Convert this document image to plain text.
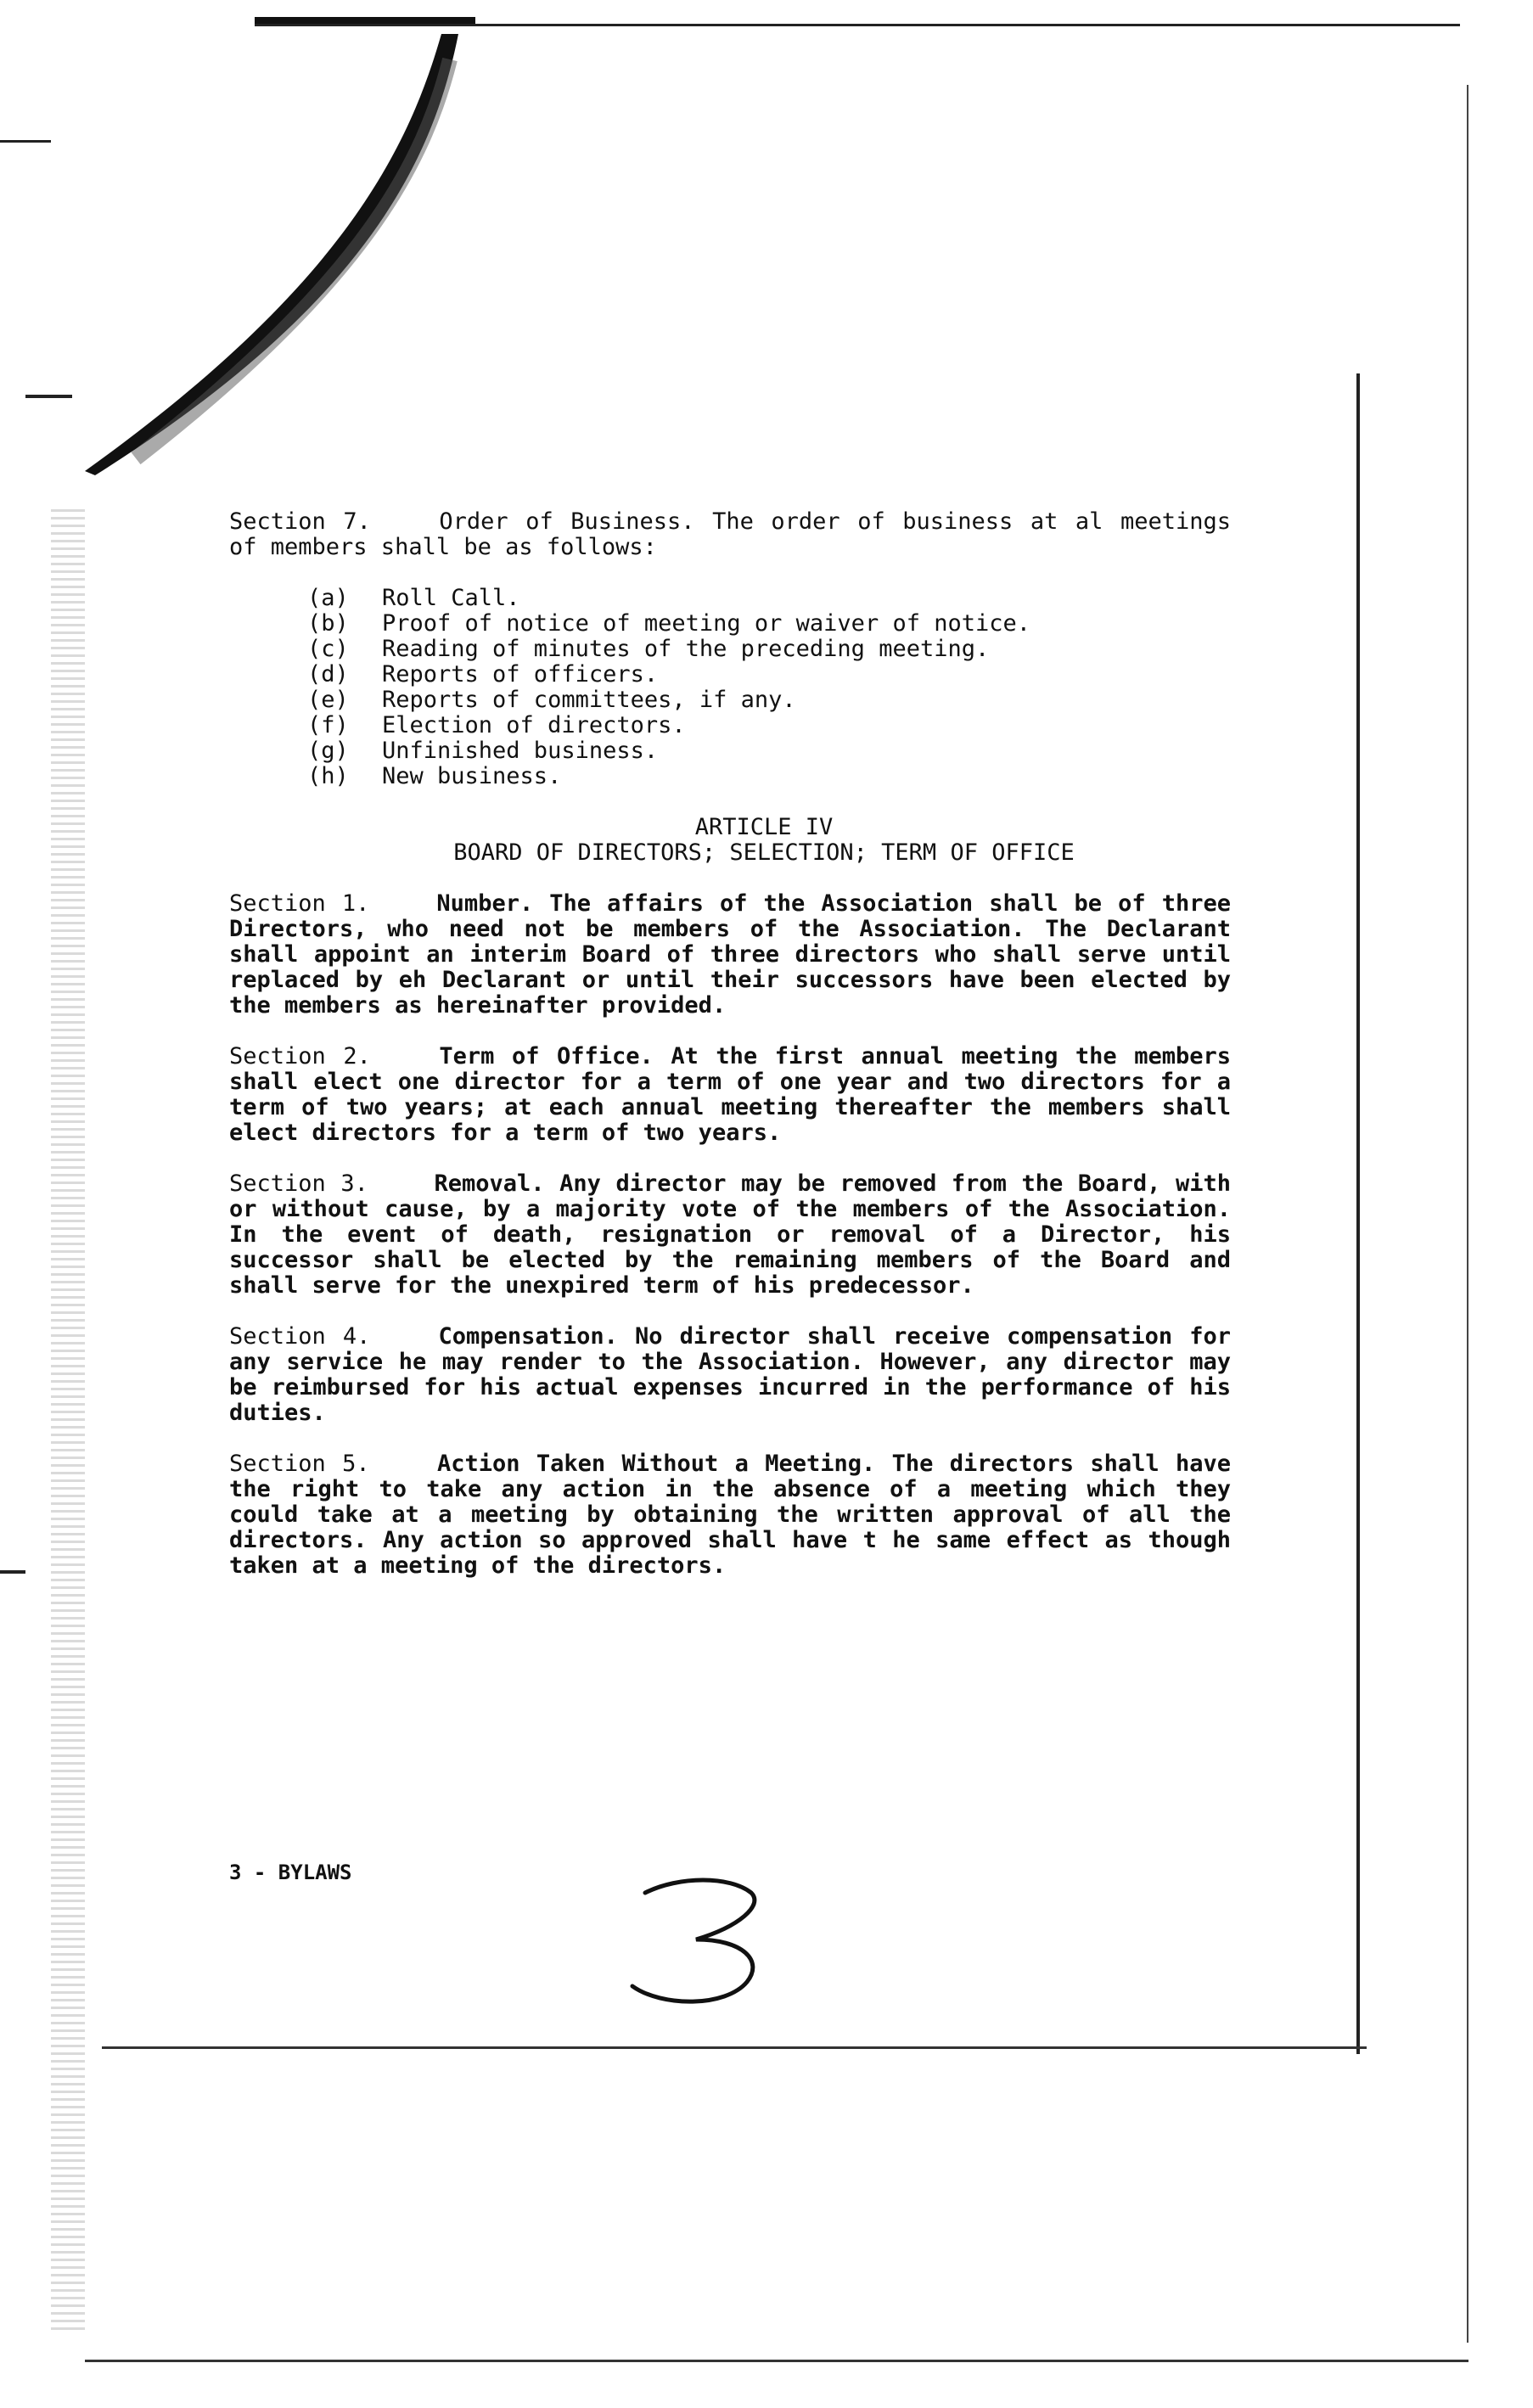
Section 7.	Order of Business. The order of business at al meetings of members shall be as follows:

(a)	Roll Call.
(b)	Proof of notice of meeting or waiver of notice.
(c)	Reading of minutes of the preceding meeting.
(d)	Reports of officers.
(e)	Reports of committees, if any.
(f)	Election of directors.
(g)	Unfinished business.
(h)	New business.
ARTICLE IV
BOARD OF DIRECTORS; SELECTION; TERM OF OFFICE

Section 1.	Number. The affairs of the Association shall be of three Directors, who need not be members of the Association. The Declarant shall appoint an interim Board of three directors who shall serve until replaced by eh Declarant or until their successors have been elected by the members as hereinafter provided.

Section 2.	Term of Office. At the first annual meeting the members shall elect one director for a term of one year and two directors for a term of two years; at each annual meeting thereafter the members shall elect directors for a term of two years.

Section 3.	Removal. Any director may be removed from the Board, with or without cause, by a majority vote of the members of the Association. In the event of death, resignation or removal of a Director, his successor shall be elected by the remaining members of the Board and shall serve for the unexpired term of his predecessor.

Section 4.	Compensation. No director shall receive compensation for any service he may render to the Association. However, any director may be reimbursed for his actual expenses incurred in the performance of his duties.

Section 5.	Action Taken Without a Meeting. The directors shall have the right to take any action in the absence of a meeting which they could take at a meeting by obtaining the written approval of all the directors. Any action so approved shall have t he same effect as though taken at a meeting of the directors.

3 - BYLAWS	3
